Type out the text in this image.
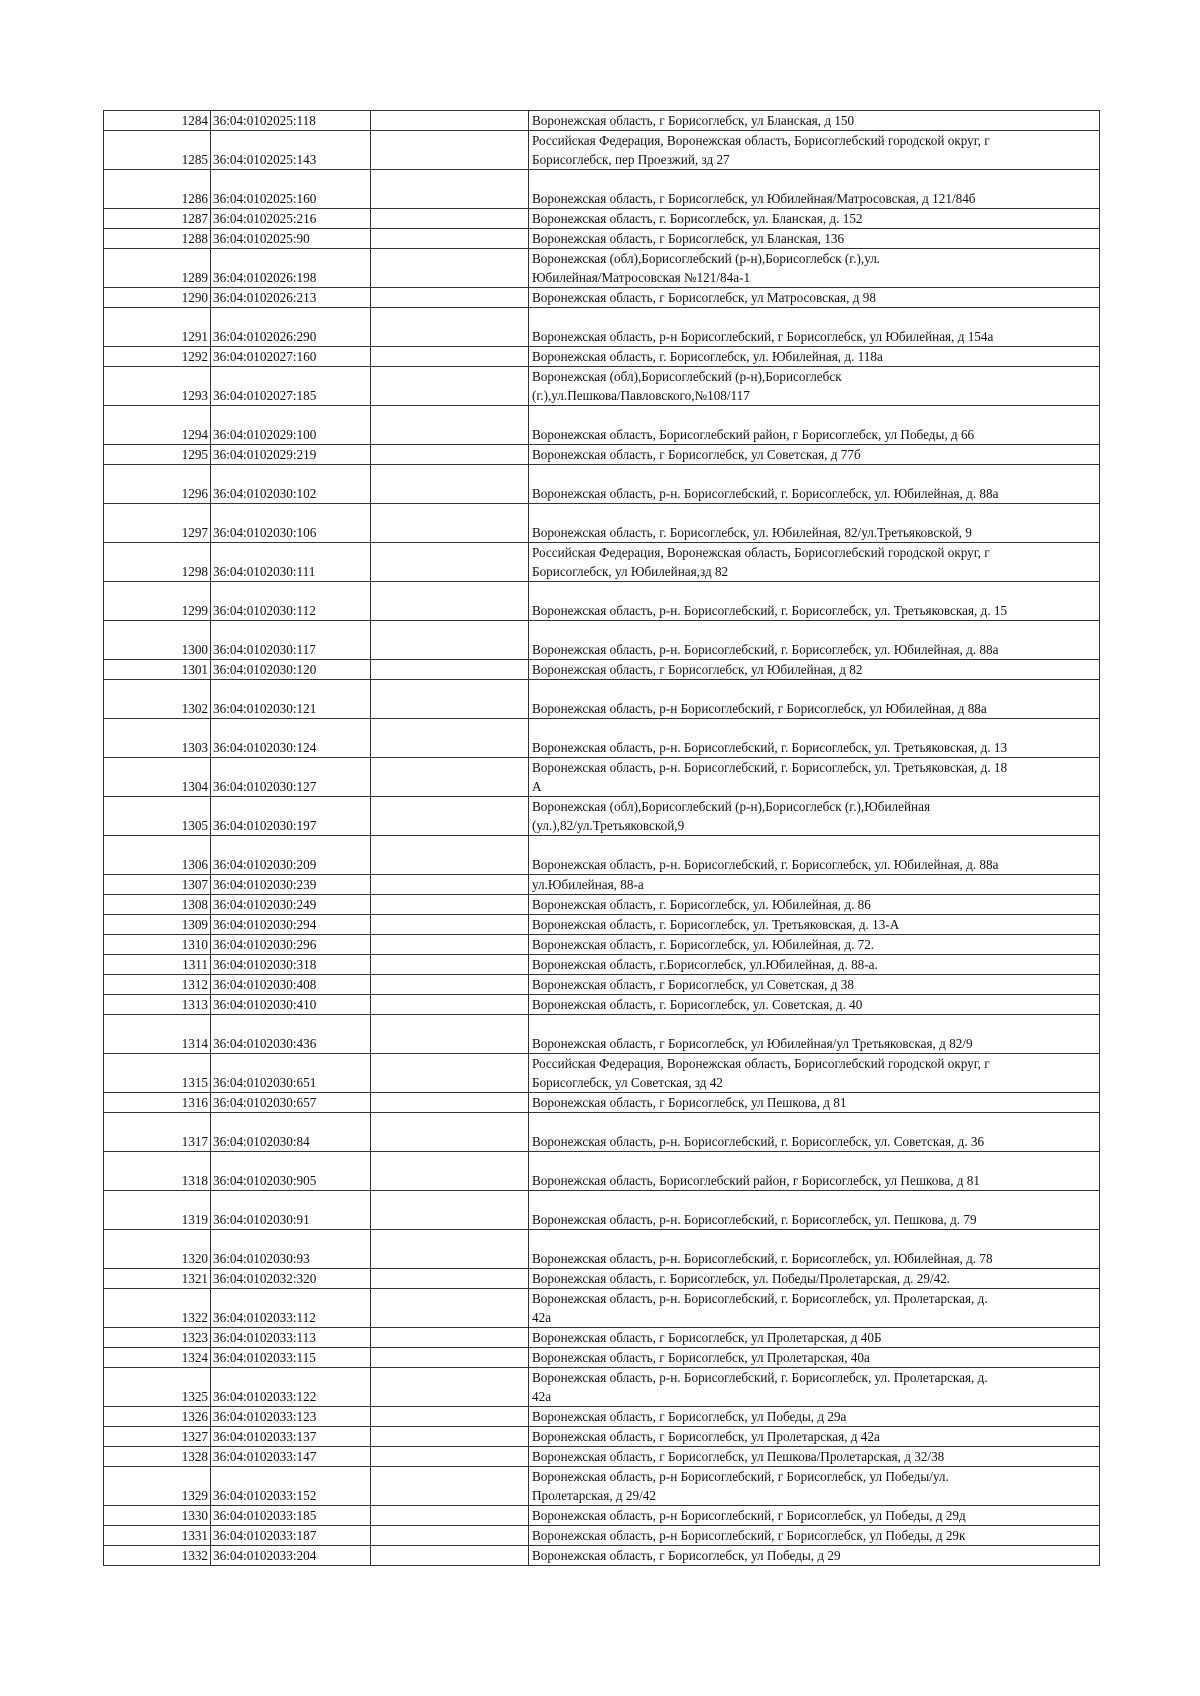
1284	36:04:0102025:118		Воронежская область, г Борисоглебск, ул Бланская, д 150

1285	36:04:0102025:143		Российская Федерация, Воронежская область, Борисоглебский городской округ, г
Борисоглебск, пер Проезжий, зд 27

1286	36:04:0102025:160		Воронежская область, г Борисоглебск, ул Юбилейная/Матросовская, д 121/84б

1287	36:04:0102025:216		Воронежская область, г. Борисоглебск, ул. Бланская, д. 152

1288	36:04:0102025:90		Воронежская область, г Борисоглебск, ул Бланская, 136

1289	36:04:0102026:198		Воронежская (обл),Борисоглебский (р-н),Борисоглебск (г.),ул.
Юбилейная/Матросовская №121/84а-1

1290	36:04:0102026:213		Воронежская область, г Борисоглебск, ул Матросовская, д 98

1291	36:04:0102026:290		Воронежская область, р-н Борисоглебский, г Борисоглебск, ул Юбилейная, д 154а

1292	36:04:0102027:160		Воронежская область, г. Борисоглебск, ул. Юбилейная, д. 118а

1293	36:04:0102027:185		Воронежская (обл),Борисоглебский (р-н),Борисоглебск
(г.),ул.Пешкова/Павловского,№108/117

1294	36:04:0102029:100		Воронежская область, Борисоглебский район, г Борисоглебск, ул Победы, д 66

1295	36:04:0102029:219		Воронежская область, г Борисоглебск, ул Советская, д 77б

1296	36:04:0102030:102		Воронежская область, р-н. Борисоглебский, г. Борисоглебск, ул. Юбилейная, д. 88а

1297	36:04:0102030:106		Воронежская область, г. Борисоглебск, ул. Юбилейная, 82/ул.Третьяковской, 9

1298	36:04:0102030:111		Российская Федерация, Воронежская область, Борисоглебский городской округ, г
Борисоглебск, ул Юбилейная,зд 82

1299	36:04:0102030:112		Воронежская область, р-н. Борисоглебский, г. Борисоглебск, ул. Третьяковская, д. 15

1300	36:04:0102030:117		Воронежская область, р-н. Борисоглебский, г. Борисоглебск, ул. Юбилейная, д. 88а

1301	36:04:0102030:120		Воронежская область, г Борисоглебск, ул Юбилейная, д 82

1302	36:04:0102030:121		Воронежская область, р-н Борисоглебский, г Борисоглебск, ул Юбилейная, д 88а

1303	36:04:0102030:124		Воронежская область, р-н. Борисоглебский, г. Борисоглебск, ул. Третьяковская, д. 13

1304	36:04:0102030:127		Воронежская область, р-н. Борисоглебский, г. Борисоглебск, ул. Третьяковская, д. 18
А

1305	36:04:0102030:197		Воронежская (обл),Борисоглебский (р-н),Борисоглебск (г.),Юбилейная
(ул.),82/ул.Третьяковской,9

1306	36:04:0102030:209		Воронежская область, р-н. Борисоглебский, г. Борисоглебск, ул. Юбилейная, д. 88а

1307	36:04:0102030:239		ул.Юбилейная, 88-а

1308	36:04:0102030:249		Воронежская область, г. Борисоглебск, ул. Юбилейная, д. 86

1309	36:04:0102030:294		Воронежская область, г. Борисоглебск, ул. Третьяковская, д. 13-А

1310	36:04:0102030:296		Воронежская область, г. Борисоглебск, ул. Юбилейная, д. 72.

1311	36:04:0102030:318		Воронежская область, г.Борисоглебск, ул.Юбилейная, д. 88-а.

1312	36:04:0102030:408		Воронежская область, г Борисоглебск, ул Советская, д 38

1313	36:04:0102030:410		Воронежская область, г. Борисоглебск, ул. Советская, д. 40

1314	36:04:0102030:436		Воронежская область, г Борисоглебск, ул Юбилейная/ул Третьяковская, д 82/9

1315	36:04:0102030:651		Российская Федерация, Воронежская область, Борисоглебский городской округ, г
Борисоглебск, ул Советская, зд 42

1316	36:04:0102030:657		Воронежская область, г Борисоглебск, ул Пешкова, д 81

1317	36:04:0102030:84		Воронежская область, р-н. Борисоглебский, г. Борисоглебск, ул. Советская, д. 36

1318	36:04:0102030:905		Воронежская область, Борисоглебский район, г Борисоглебск, ул Пешкова, д 81

1319	36:04:0102030:91		Воронежская область, р-н. Борисоглебский, г. Борисоглебск, ул. Пешкова, д. 79

1320	36:04:0102030:93		Воронежская область, р-н. Борисоглебский, г. Борисоглебск, ул. Юбилейная, д. 78

1321	36:04:0102032:320		Воронежская область, г. Борисоглебск, ул. Победы/Пролетарская, д. 29/42.

1322	36:04:0102033:112		Воронежская область, р-н. Борисоглебский, г. Борисоглебск, ул. Пролетарская, д.
42а

1323	36:04:0102033:113		Воронежская область, г Борисоглебск, ул Пролетарская, д 40Б

1324	36:04:0102033:115		Воронежская область, г Борисоглебск, ул Пролетарская, 40а

1325	36:04:0102033:122		Воронежская область, р-н. Борисоглебский, г. Борисоглебск, ул. Пролетарская, д.
42а

1326	36:04:0102033:123		Воронежская область, г Борисоглебск, ул Победы, д 29а

1327	36:04:0102033:137		Воронежская область, г Борисоглебск, ул Пролетарская, д 42а

1328	36:04:0102033:147		Воронежская область, г Борисоглебск, ул Пешкова/Пролетарская, д 32/38

1329	36:04:0102033:152		Воронежская область, р-н Борисоглебский, г Борисоглебск, ул Победы/ул.
Пролетарская, д 29/42

1330	36:04:0102033:185		Воронежская область, р-н Борисоглебский, г Борисоглебск, ул Победы, д 29д

1331	36:04:0102033:187		Воронежская область, р-н Борисоглебский, г Борисоглебск, ул Победы, д 29к

1332	36:04:0102033:204		Воронежская область, г Борисоглебск, ул Победы, д 29
